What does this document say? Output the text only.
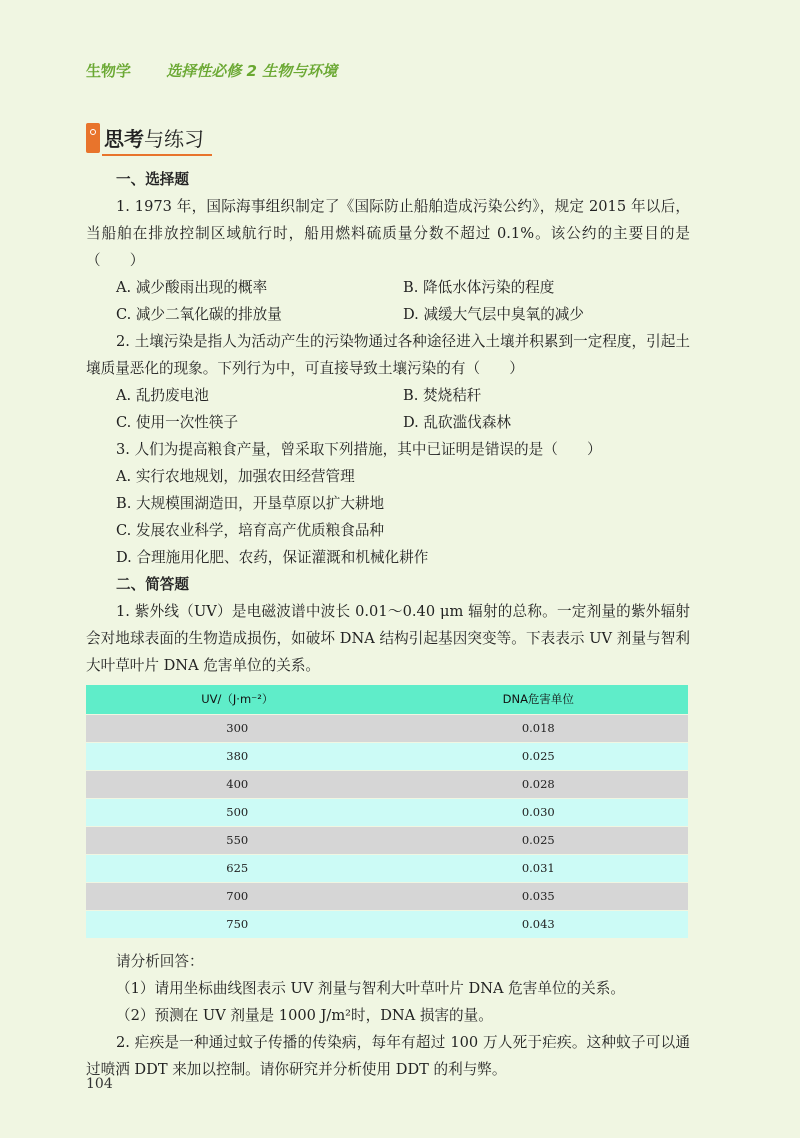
生物学 选择性必修 2 生物与环境
思考与练习

一、选择题

1. 1973 年，国际海事组织制定了《国际防止船舶造成污染公约》，规定 2015 年以后，当船舶在排放控制区域航行时，船用燃料硫质量分数不超过 0.1%。该公约的主要目的是（　　）

A. 减少酸雨出现的概率	B. 降低水体污染的程度
C. 减少二氧化碳的排放量	D. 减缓大气层中臭氧的减少

2. 土壤污染是指人为活动产生的污染物通过各种途径进入土壤并积累到一定程度，引起土壤质量恶化的现象。下列行为中，可直接导致土壤污染的有（　　）

A. 乱扔废电池	B. 焚烧秸秆
C. 使用一次性筷子	D. 乱砍滥伐森林

3. 人们为提高粮食产量，曾采取下列措施，其中已证明是错误的是（　　）

A. 实行农地规划，加强农田经营管理

B. 大规模围湖造田，开垦草原以扩大耕地

C. 发展农业科学，培育高产优质粮食品种

D. 合理施用化肥、农药，保证灌溉和机械化耕作

二、简答题

1. 紫外线（UV）是电磁波谱中波长 0.01～0.40 μm 辐射的总称。一定剂量的紫外辐射会对地球表面的生物造成损伤，如破坏 DNA 结构引起基因突变等。下表表示 UV 剂量与智利大叶草叶片 DNA 危害单位的关系。

UV/（J·m⁻²）	DNA危害单位
300	0.018
380	0.025
400	0.028
500	0.030
550	0.025
625	0.031
700	0.035
750	0.043

请分析回答：

（1）请用坐标曲线图表示 UV 剂量与智利大叶草叶片 DNA 危害单位的关系。

（2）预测在 UV 剂量是 1000 J/m²时，DNA 损害的量。

2. 疟疾是一种通过蚊子传播的传染病，每年有超过 100 万人死于疟疾。这种蚊子可以通过喷洒 DDT 来加以控制。请你研究并分析使用 DDT 的利与弊。

104
